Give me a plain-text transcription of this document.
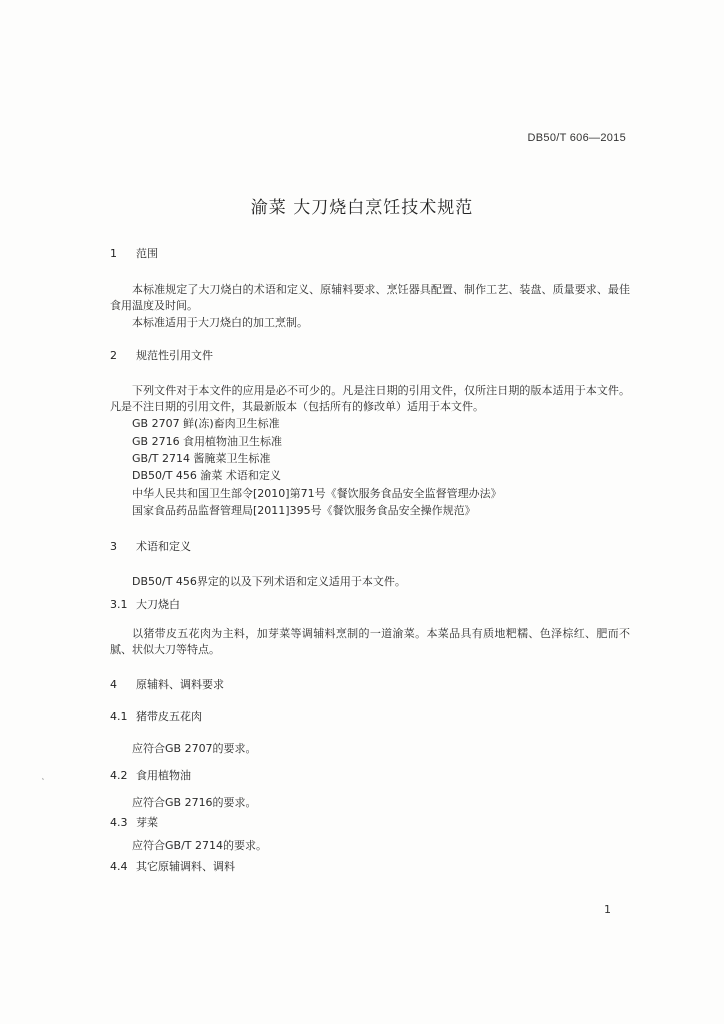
DB50/T 606—2015
渝菜 大刀烧白烹饪技术规范
1 范围
本标准规定了大刀烧白的术语和定义、原辅料要求、烹饪器具配置、制作工艺、装盘、质量要求、最佳食用温度及时间。
本标准适用于大刀烧白的加工烹制。
2 规范性引用文件
下列文件对于本文件的应用是必不可少的。凡是注日期的引用文件，仅所注日期的版本适用于本文件。凡是不注日期的引用文件，其最新版本（包括所有的修改单）适用于本文件。
GB 2707 鲜(冻)畜肉卫生标准
GB 2716 食用植物油卫生标准
GB/T 2714 酱腌菜卫生标准
DB50/T 456 渝菜 术语和定义
中华人民共和国卫生部令[2010]第71号《餐饮服务食品安全监督管理办法》
国家食品药品监督管理局[2011]395号《餐饮服务食品安全操作规范》
3 术语和定义
DB50/T 456界定的以及下列术语和定义适用于本文件。
3.1 大刀烧白
以猪带皮五花肉为主料，加芽菜等调辅料烹制的一道渝菜。本菜品具有质地粑糯、色泽棕红、肥而不腻、状似大刀等特点。
4 原辅料、调料要求
4.1 猪带皮五花肉
应符合GB 2707的要求。
4.2 食用植物油
应符合GB 2716的要求。
4.3 芽菜
应符合GB/T 2714的要求。
4.4 其它原辅调料、调料
ㆍ
1
